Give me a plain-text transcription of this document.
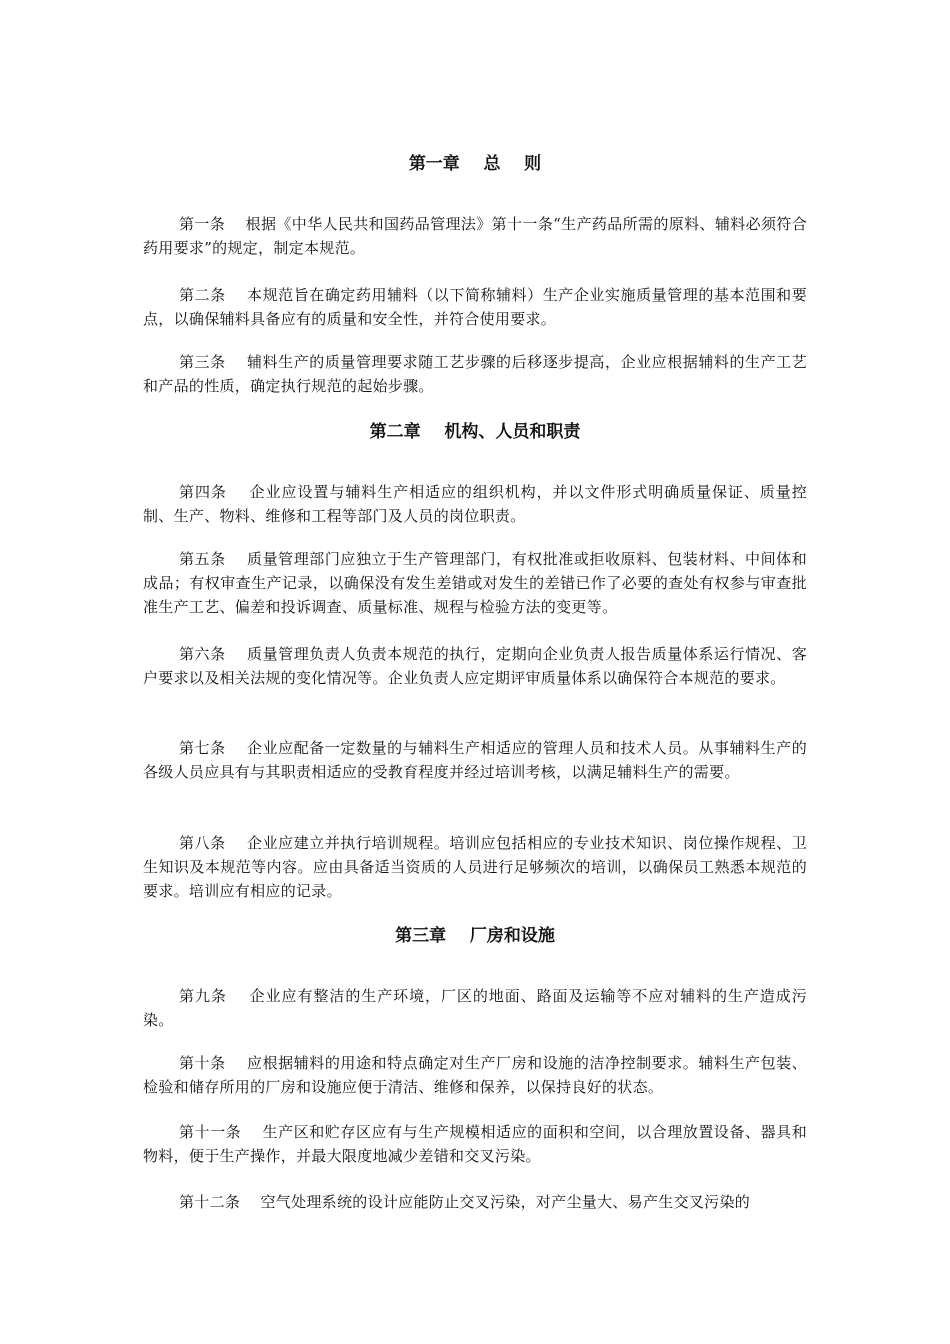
第一章    总    则

第一条    根据《中华人民共和国药品管理法》第十一条“生产药品所需的原料、辅料必须符合药用要求”的规定，制定本规范。

第二条    本规范旨在确定药用辅料（以下简称辅料）生产企业实施质量管理的基本范围和要点，以确保辅料具备应有的质量和安全性，并符合使用要求。

第三条    辅料生产的质量管理要求随工艺步骤的后移逐步提高，企业应根据辅料的生产工艺和产品的性质，确定执行规范的起始步骤。

第二章    机构、人员和职责

第四条    企业应设置与辅料生产相适应的组织机构，并以文件形式明确质量保证、质量控制、生产、物料、维修和工程等部门及人员的岗位职责。

第五条    质量管理部门应独立于生产管理部门，有权批准或拒收原料、包装材料、中间体和成品；有权审查生产记录，以确保没有发生差错或对发生的差错已作了必要的查处有权参与审查批准生产工艺、偏差和投诉调查、质量标准、规程与检验方法的变更等。

第六条    质量管理负责人负责本规范的执行，定期向企业负责人报告质量体系运行情况、客户要求以及相关法规的变化情况等。企业负责人应定期评审质量体系以确保符合本规范的要求。

第七条    企业应配备一定数量的与辅料生产相适应的管理人员和技术人员。从事辅料生产的各级人员应具有与其职责相适应的受教育程度并经过培训考核，以满足辅料生产的需要。

第八条    企业应建立并执行培训规程。培训应包括相应的专业技术知识、岗位操作规程、卫生知识及本规范等内容。应由具备适当资质的人员进行足够频次的培训，以确保员工熟悉本规范的要求。培训应有相应的记录。

第三章    厂房和设施

第九条    企业应有整洁的生产环境，厂区的地面、路面及运输等不应对辅料的生产造成污染。

第十条    应根据辅料的用途和特点确定对生产厂房和设施的洁净控制要求。辅料生产包装、检验和储存所用的厂房和设施应便于清洁、维修和保养，以保持良好的状态。

第十一条    生产区和贮存区应有与生产规模相适应的面积和空间，以合理放置设备、器具和物料，便于生产操作，并最大限度地减少差错和交叉污染。

第十二条    空气处理系统的设计应能防止交叉污染，对产尘量大、易产生交叉污染的
